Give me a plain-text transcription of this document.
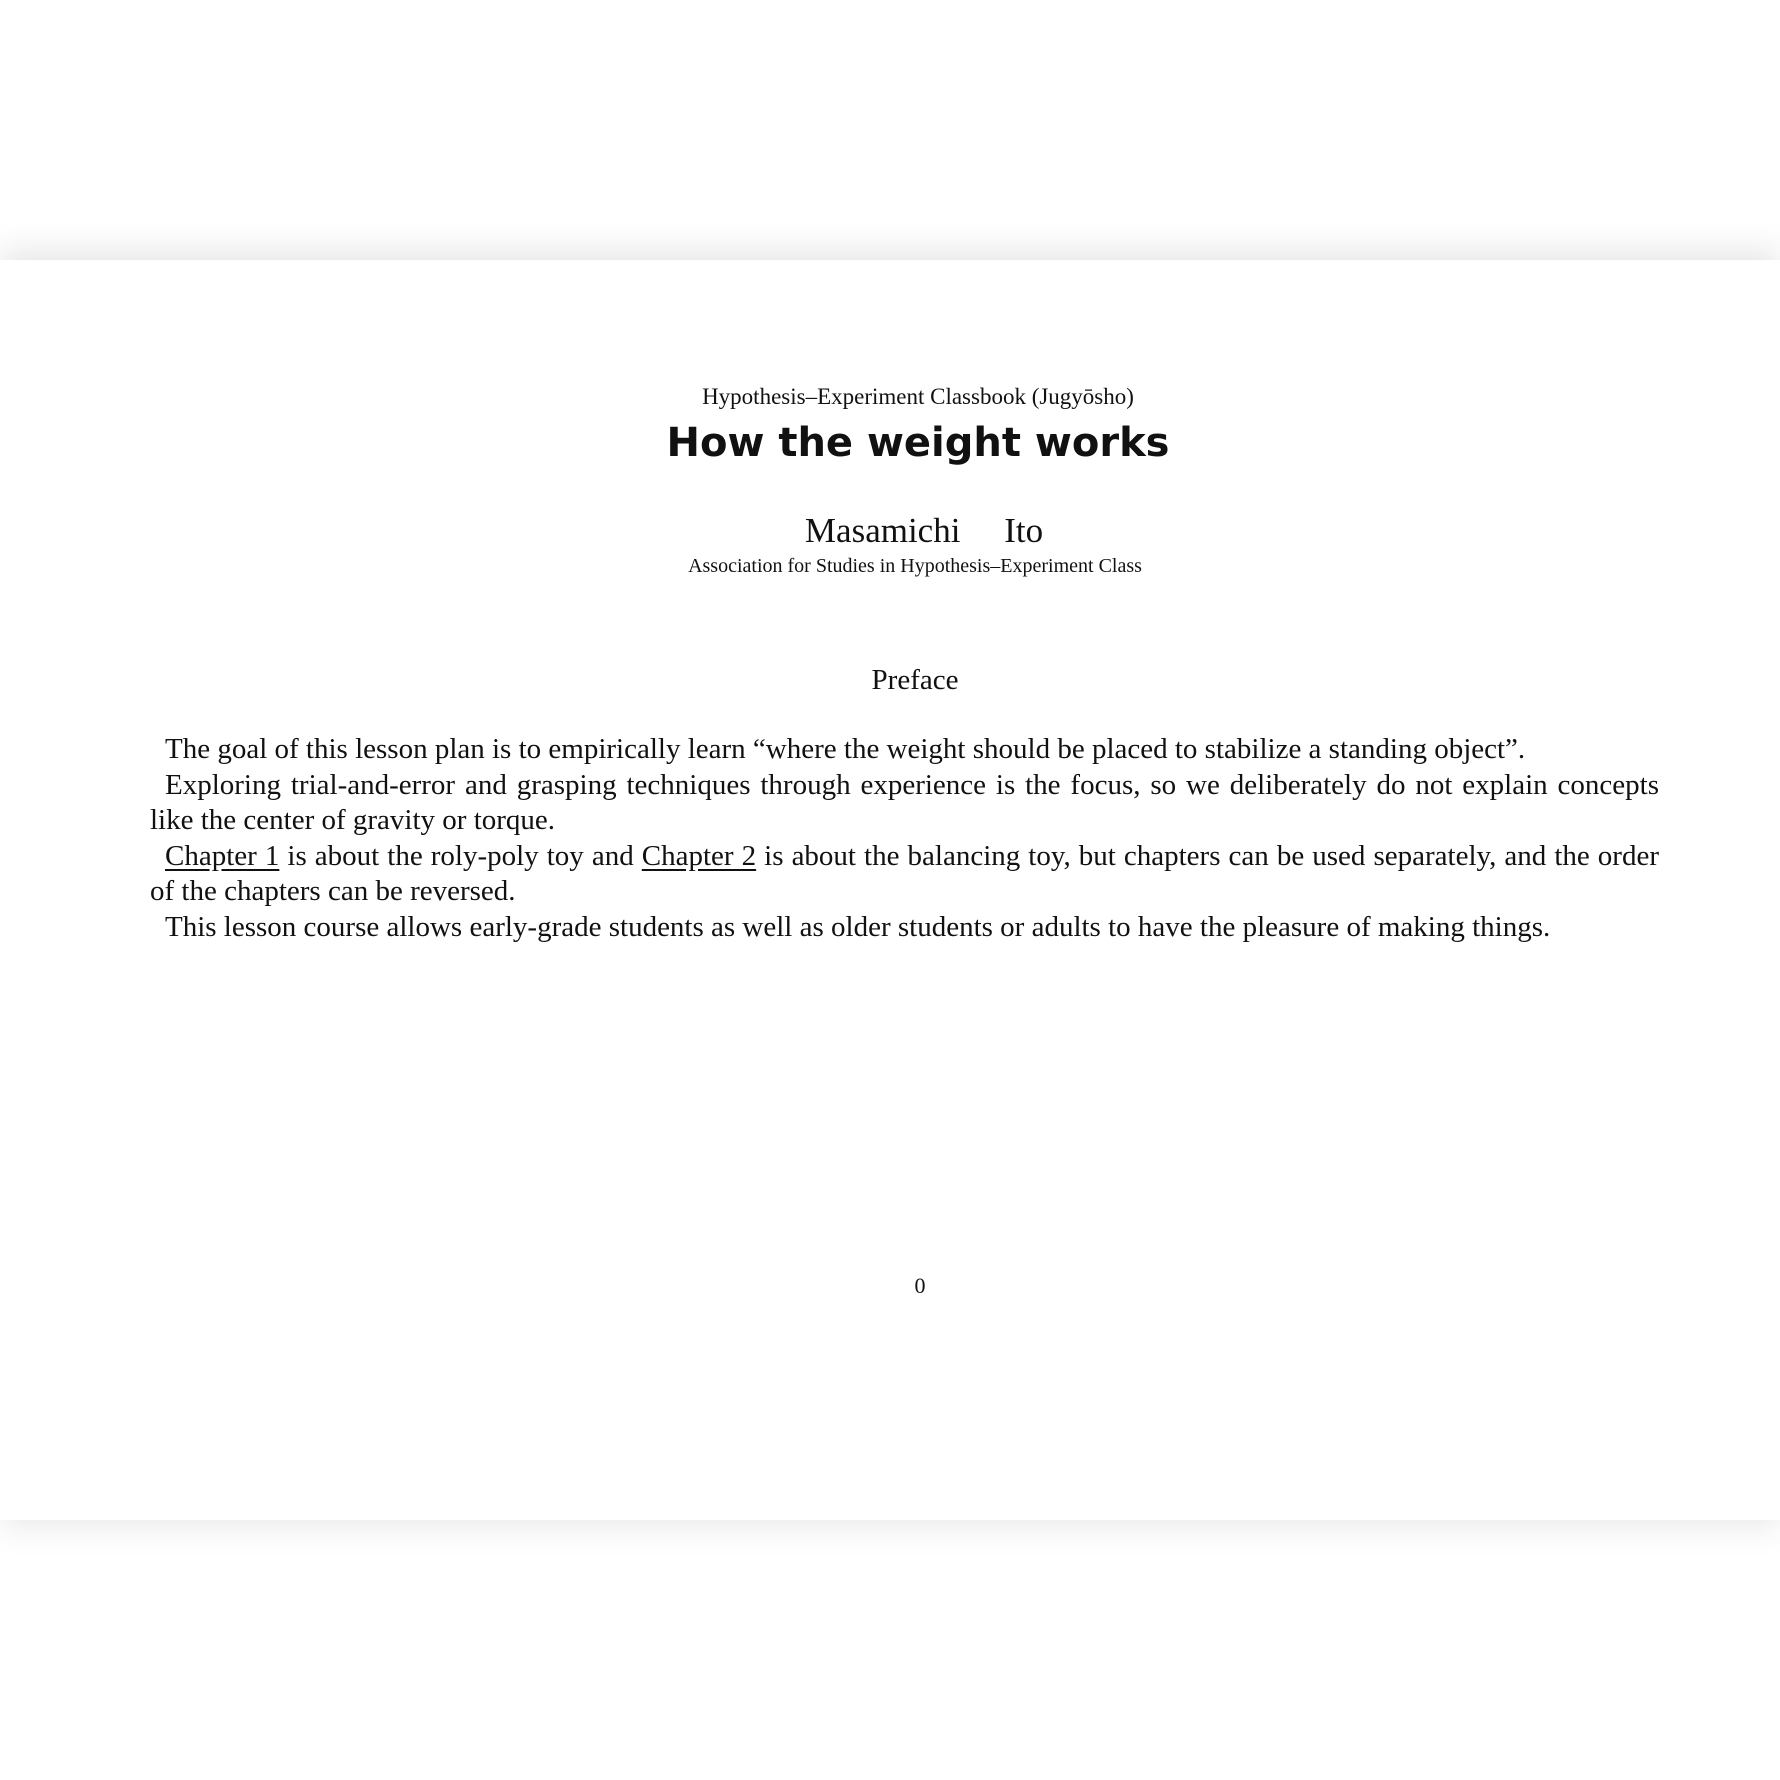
Hypothesis–Experiment Classbook (Jugyōsho)
How the weight works
Masamichi  Ito
Association for Studies in Hypothesis–Experiment Class
Preface

The goal of this lesson plan is to empirically learn “where the weight should be placed to stabilize a standing object”.

Exploring trial-and-error and grasping techniques through experience is the focus, so we deliberately do not explain concepts like the center of gravity or torque.

Chapter 1 is about the roly-poly toy and Chapter 2 is about the balancing toy, but chapters can be used separately, and the order of the chapters can be reversed.

This lesson course allows early-grade students as well as older students or adults to have the pleasure of making things.

0
